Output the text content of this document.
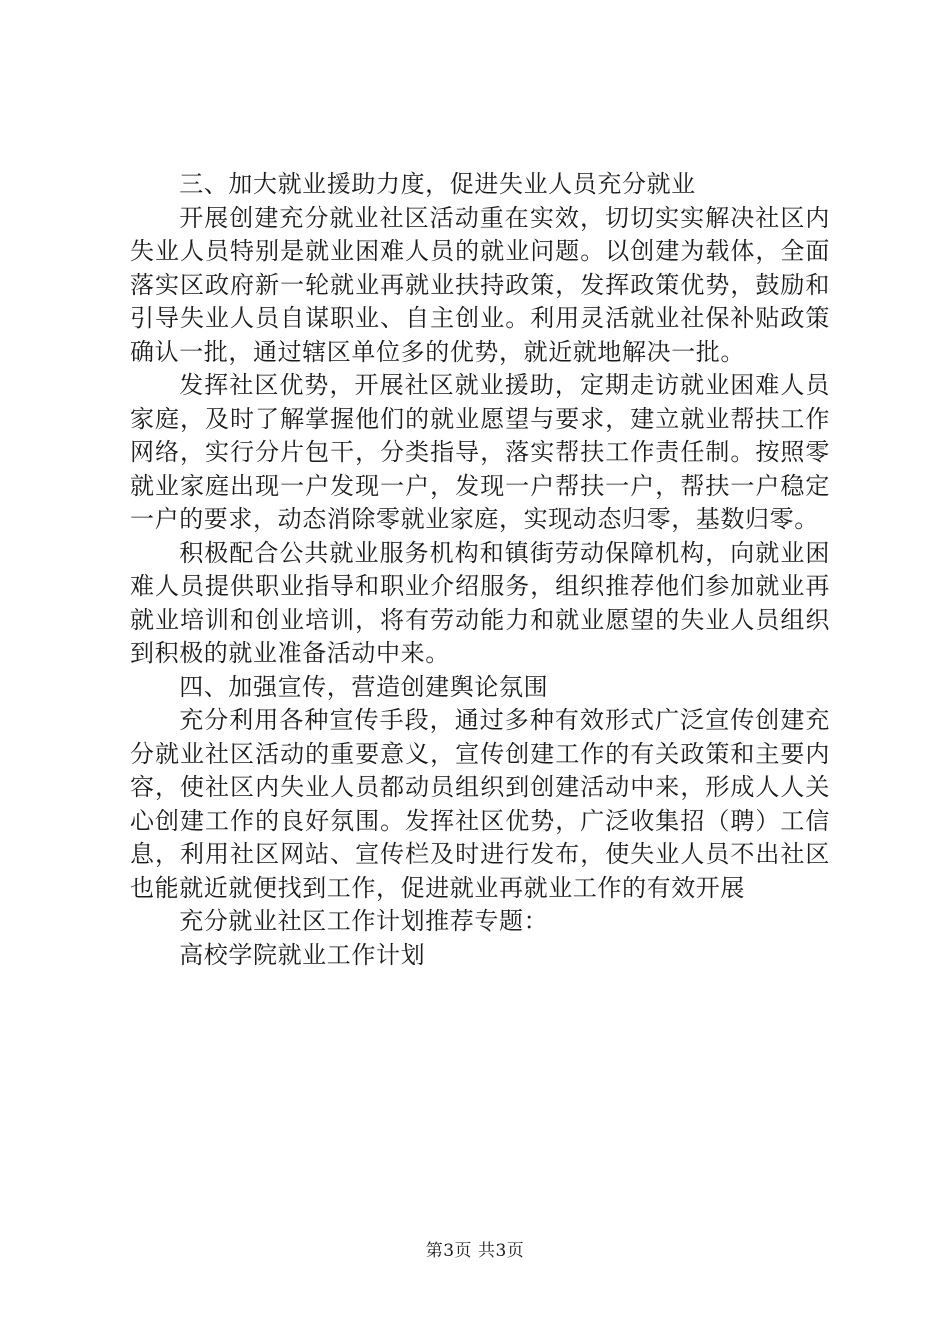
三、加大就业援助力度，促进失业人员充分就业

开展创建充分就业社区活动重在实效，切切实实解决社区内失业人员特别是就业困难人员的就业问题。以创建为载体，全面落实区政府新一轮就业再就业扶持政策，发挥政策优势，鼓励和引导失业人员自谋职业、自主创业。利用灵活就业社保补贴政策确认一批，通过辖区单位多的优势，就近就地解决一批。

发挥社区优势，开展社区就业援助，定期走访就业困难人员家庭，及时了解掌握他们的就业愿望与要求，建立就业帮扶工作网络，实行分片包干，分类指导，落实帮扶工作责任制。按照零就业家庭出现一户发现一户，发现一户帮扶一户，帮扶一户稳定一户的要求，动态消除零就业家庭，实现动态归零，基数归零。

积极配合公共就业服务机构和镇街劳动保障机构，向就业困难人员提供职业指导和职业介绍服务，组织推荐他们参加就业再就业培训和创业培训，将有劳动能力和就业愿望的失业人员组织到积极的就业准备活动中来。

四、加强宣传，营造创建舆论氛围

充分利用各种宣传手段，通过多种有效形式广泛宣传创建充分就业社区活动的重要意义，宣传创建工作的有关政策和主要内容，使社区内失业人员都动员组织到创建活动中来，形成人人关心创建工作的良好氛围。发挥社区优势，广泛收集招（聘）工信息，利用社区网站、宣传栏及时进行发布，使失业人员不出社区也能就近就便找到工作，促进就业再就业工作的有效开展

充分就业社区工作计划推荐专题：

高校学院就业工作计划

第3页 共3页
